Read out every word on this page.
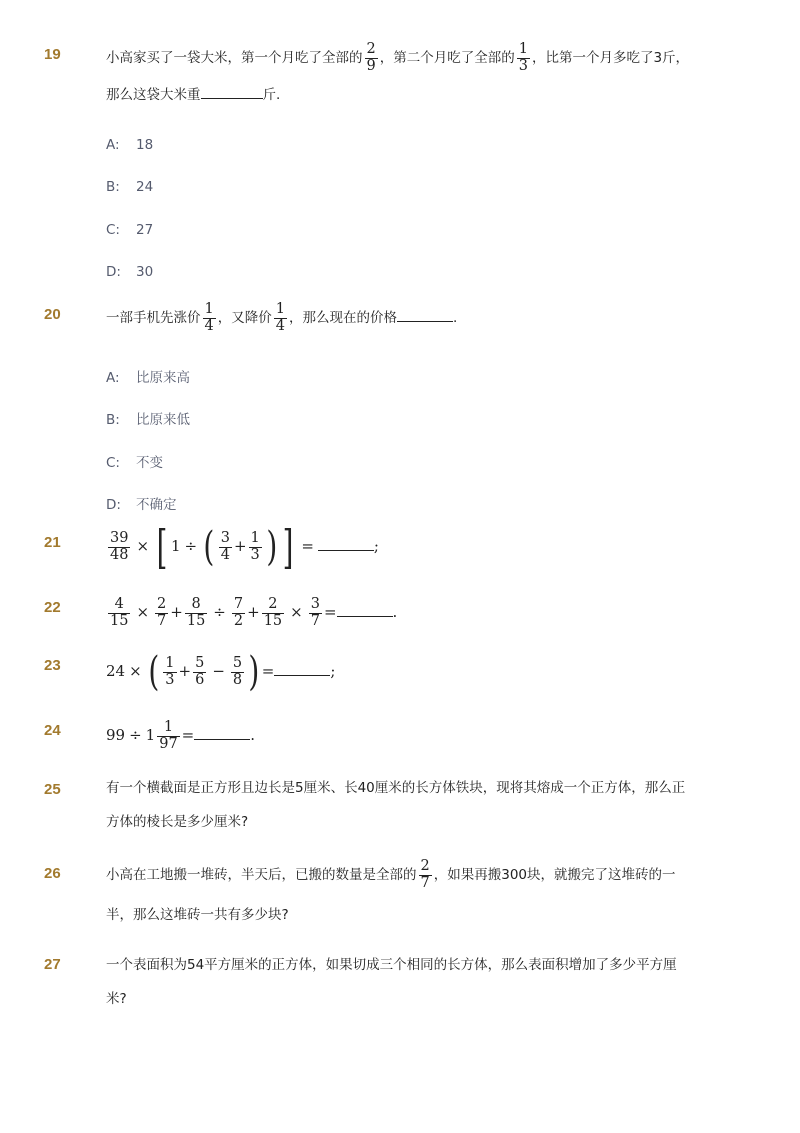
19	小高家买了一袋大米，第一个月吃了全部的 $\frac{2}{9}$ ，第二个月吃了全部的 $\frac{1}{3}$ ，比第一个月多吃了3斤，
那么这袋大米重	斤.
A: 18
B: 24
C: 27
D: 30
20	一部手机先涨价 $\frac{1}{4}$ ，又降价 $\frac{1}{4}$ ，那么现在的价格	.
A: 比原来高
B: 比原来低
C: 不变
D: 不确定
21	$\frac{39}{48}$ × [ 1 ÷ ( $\frac{3}{4} + \frac{1}{3}$ ) ] =	;
22	$\frac{4}{15} \times \frac{2}{7} + \frac{8}{15} \div \frac{7}{2} + \frac{2}{15} \times \frac{3}{7}$ =	.
23	24 × ( $\frac{1}{3} + \frac{5}{6} - \frac{5}{8}$ ) =	;
24	$99 \div 1 \frac{1}{97}$ =	.
25	有一个横截面是正方形且边长是5厘米、长40厘米的长方体铁块，现将其熔成一个正方体，那么正
方体的棱长是多少厘米?
26	小高在工地搬一堆砖，半天后，已搬的数量是全部的 $\frac{2}{7}$ ，如果再搬300块，就搬完了这堆砖的一
半，那么这堆砖一共有多少块?
27	一个表面积为54平方厘米的正方体，如果切成三个相同的长方体，那么表面积增加了多少平方厘
米?
